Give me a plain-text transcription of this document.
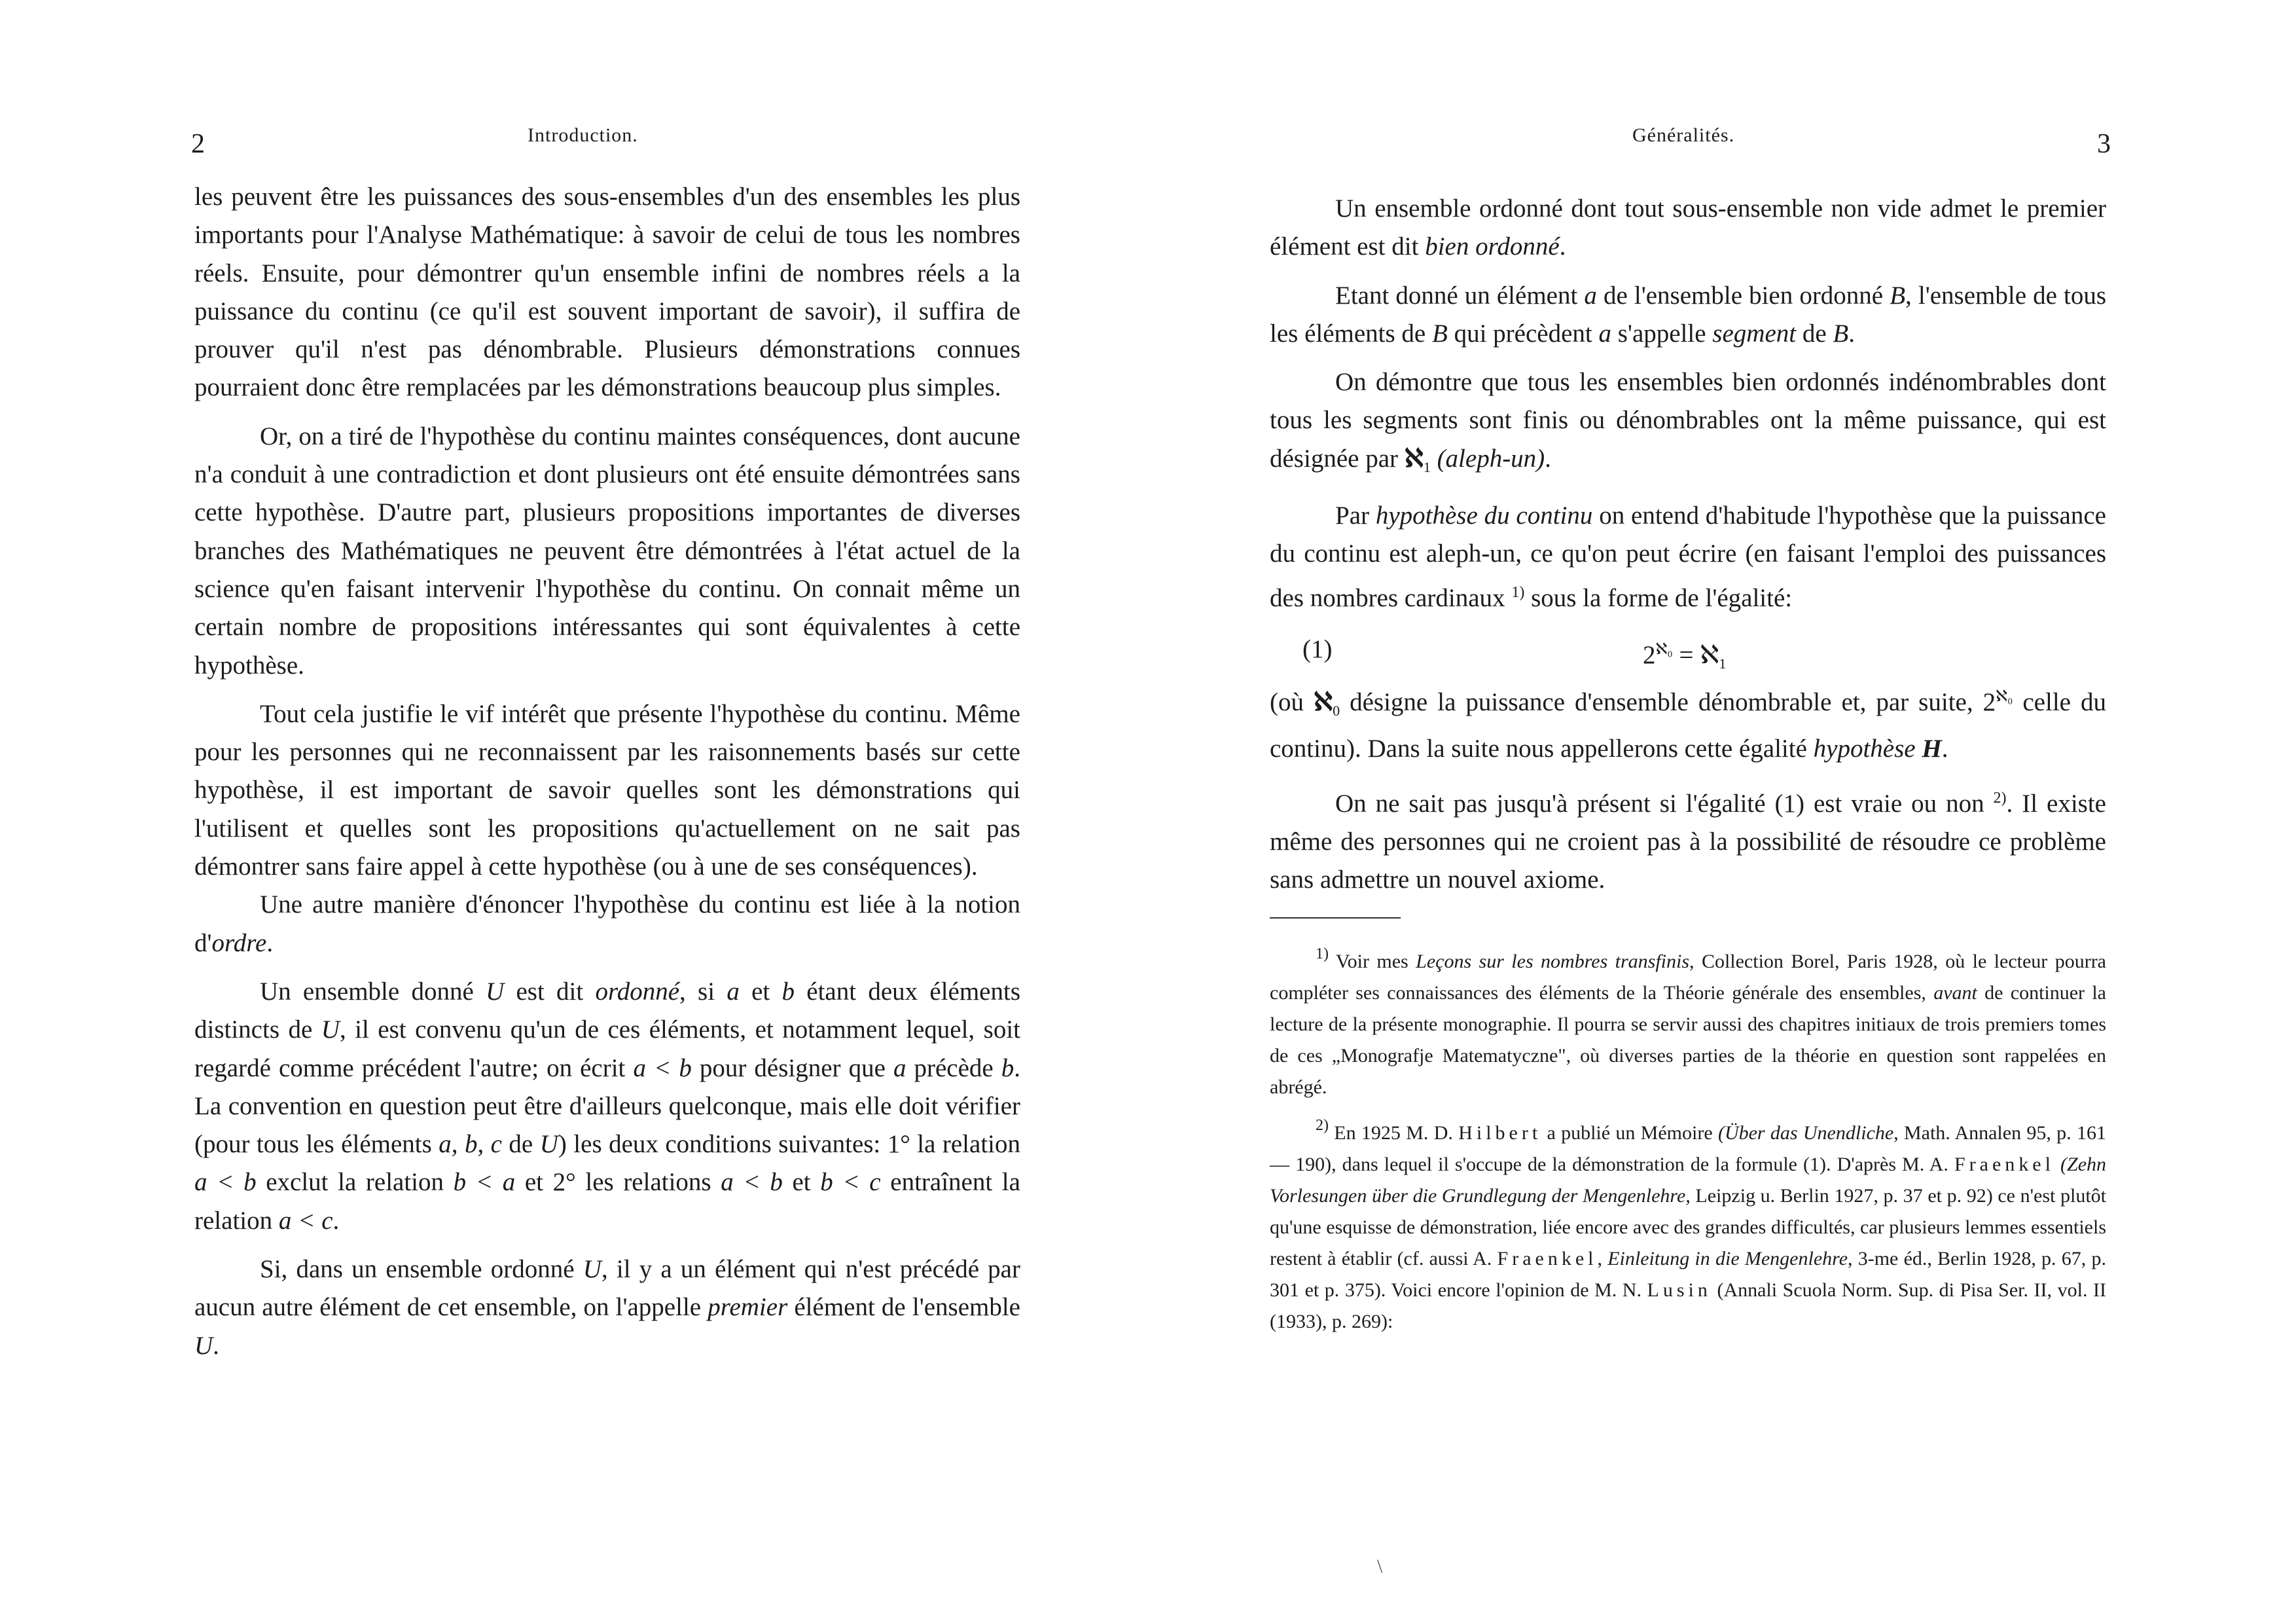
2	Introduction.

les peuvent être les puissances des sous-ensembles d'un des ensembles les plus importants pour l'Analyse Mathématique: à savoir de celui de tous les nombres réels. Ensuite, pour démontrer qu'un ensemble infini de nombres réels a la puissance du continu (ce qu'il est souvent important de savoir), il suffira de prouver qu'il n'est pas dénombrable. Plusieurs démonstrations connues pourraient donc être remplacées par les démonstrations beaucoup plus simples.

Or, on a tiré de l'hypothèse du continu maintes conséquences, dont aucune n'a conduit à une contradiction et dont plusieurs ont été ensuite démontrées sans cette hypothèse. D'autre part, plusieurs propositions importantes de diverses branches des Mathématiques ne peuvent être démontrées à l'état actuel de la science qu'en faisant intervenir l'hypothèse du continu. On connait même un certain nombre de propositions intéressantes qui sont équivalentes à cette hypothèse.

Tout cela justifie le vif intérêt que présente l'hypothèse du continu. Même pour les personnes qui ne reconnaissent par les raisonnements basés sur cette hypothèse, il est important de savoir quelles sont les démonstrations qui l'utilisent et quelles sont les propositions qu'actuellement on ne sait pas démontrer sans faire appel à cette hypothèse (ou à une de ses conséquences).

Une autre manière d'énoncer l'hypothèse du continu est liée à la notion d'ordre.

Un ensemble donné U est dit ordonné, si a et b étant deux éléments distincts de U, il est convenu qu'un de ces éléments, et notamment lequel, soit regardé comme précédent l'autre; on écrit a < b pour désigner que a précède b. La convention en question peut être d'ailleurs quelconque, mais elle doit vérifier (pour tous les éléments a, b, c de U) les deux conditions suivantes: 1° la relation a < b exclut la relation b < a et 2° les relations a < b et b < c entraînent la relation a < c.

Si, dans un ensemble ordonné U, il y a un élément qui n'est précédé par aucun autre élément de cet ensemble, on l'appelle premier élément de l'ensemble U.

Généralités.	3

Un ensemble ordonné dont tout sous-ensemble non vide admet le premier élément est dit bien ordonné.

Etant donné un élément a de l'ensemble bien ordonné B, l'ensemble de tous les éléments de B qui précèdent a s'appelle segment de B.

On démontre que tous les ensembles bien ordonnés indénombrables dont tous les segments sont finis ou dénombrables ont la même puissance, qui est désignée par ℵ$_1$ (aleph-un).

Par hypothèse du continu on entend d'habitude l'hypothèse que la puissance du continu est aleph-un, ce qu'on peut écrire (en faisant l'emploi des puissances des nombres cardinaux $^{1)}$ sous la forme de l'égalité:

(1)	$2^{ℵ_0}$ = ℵ$_1$

(où ℵ$_0$ désigne la puissance d'ensemble dénombrable et, par suite, $2^{ℵ_0}$ celle du continu). Dans la suite nous appellerons cette égalité hypothèse H.

On ne sait pas jusqu'à présent si l'égalité (1) est vraie ou non $^{2)}$. Il existe même des personnes qui ne croient pas à la possibilité de résoudre ce problème sans admettre un nouvel axiome.

$^{1)}$ Voir mes Leçons sur les nombres transfinis, Collection Borel, Paris 1928, où le lecteur pourra compléter ses connaissances des éléments de la Théorie générale des ensembles, avant de continuer la lecture de la présente monographie. Il pourra se servir aussi des chapitres initiaux de trois premiers tomes de ces „Monografje Matematyczne", où diverses parties de la théorie en question sont rappelées en abrégé.

$^{2)}$ En 1925 M. D. Hilbert a publié un Mémoire (Über das Unendliche, Math. Annalen 95, p. 161 — 190), dans lequel il s'occupe de la démonstration de la formule (1). D'après M. A. Fraenkel (Zehn Vorlesungen über die Grundlegung der Mengenlehre, Leipzig u. Berlin 1927, p. 37 et p. 92) ce n'est plutôt qu'une esquisse de démonstration, liée encore avec des grandes difficultés, car plusieurs lemmes essentiels restent à établir (cf. aussi A. Fraenkel, Einleitung in die Mengenlehre, 3-me éd., Berlin 1928, p. 67, p. 301 et p. 375). Voici encore l'opinion de M. N. Lusin (Annali Scuola Norm. Sup. di Pisa Ser. II, vol. II (1933), p. 269):

\
